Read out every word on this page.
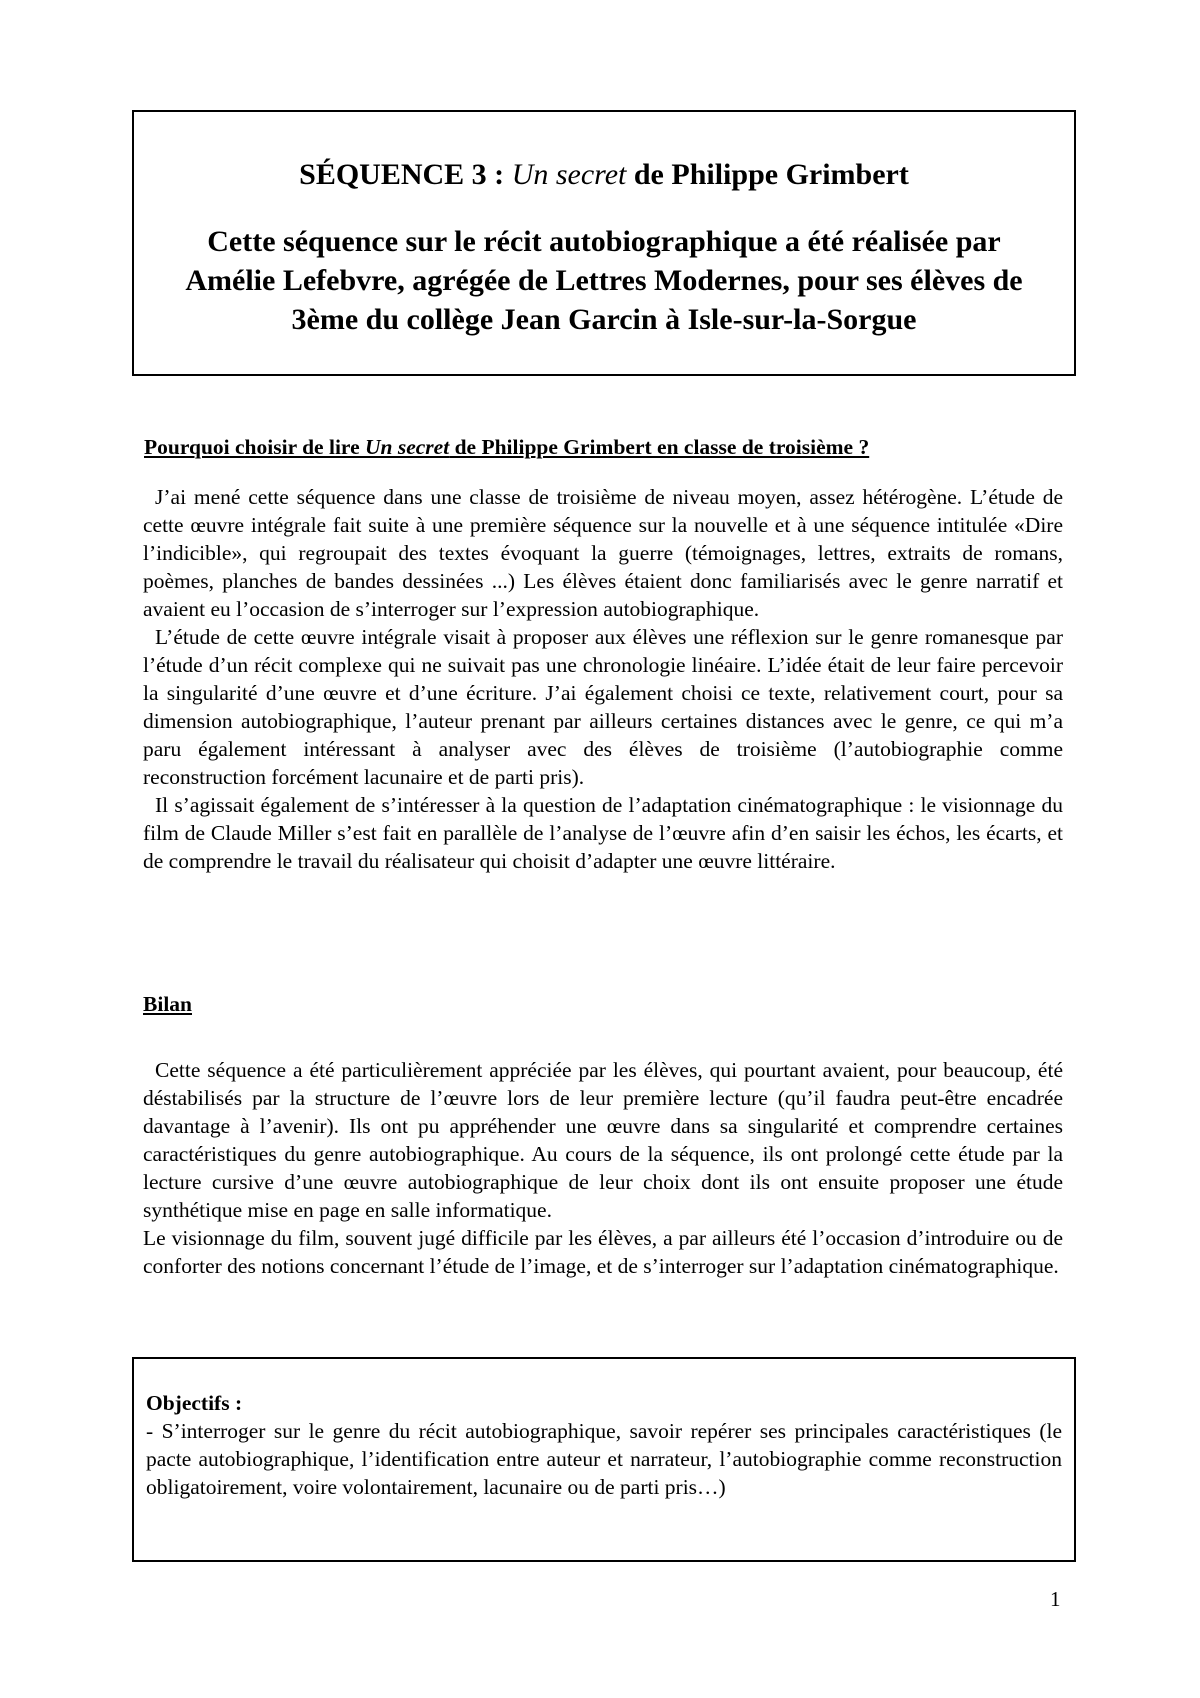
SÉQUENCE 3 : Un secret de Philippe Grimbert
Cette séquence sur le récit autobiographique a été réalisée par Amélie Lefebvre, agrégée de Lettres Modernes, pour ses élèves de 3ème du collège Jean Garcin à Isle-sur-la-Sorgue
Pourquoi choisir de lire Un secret de Philippe Grimbert en classe de troisième ?

J’ai mené cette séquence dans une classe de troisième de niveau moyen, assez hétérogène. L’étude de cette œuvre intégrale fait suite à une première séquence sur la nouvelle et à une séquence intitulée «Dire l’indicible», qui regroupait des textes évoquant la guerre (témoignages, lettres, extraits de romans, poèmes, planches de bandes dessinées ...) Les élèves étaient donc familiarisés avec le genre narratif et avaient eu l’occasion de s’interroger sur l’expression autobiographique.

L’étude de cette œuvre intégrale visait à proposer aux élèves une réflexion sur le genre romanesque par l’étude d’un récit complexe qui ne suivait pas une chronologie linéaire. L’idée était de leur faire percevoir la singularité d’une œuvre et d’une écriture. J’ai également choisi ce texte, relativement court, pour sa dimension autobiographique, l’auteur prenant par ailleurs certaines distances avec le genre, ce qui m’a paru également intéressant à analyser avec des élèves de troisième (l’autobiographie comme reconstruction forcément lacunaire et de parti pris).

Il s’agissait également de s’intéresser à la question de l’adaptation cinématographique : le visionnage du film de Claude Miller s’est fait en parallèle de l’analyse de l’œuvre afin d’en saisir les échos, les écarts, et de comprendre le travail du réalisateur qui choisit d’adapter une œuvre littéraire.

Bilan

Cette séquence a été particulièrement appréciée par les élèves, qui pourtant avaient, pour beaucoup, été déstabilisés par la structure de l’œuvre lors de leur première lecture (qu’il faudra peut-être encadrée davantage à l’avenir). Ils ont pu appréhender une œuvre dans sa singularité et comprendre certaines caractéristiques du genre autobiographique. Au cours de la séquence, ils ont prolongé cette étude par la lecture cursive d’une œuvre autobiographique de leur choix dont ils ont ensuite proposer une étude synthétique mise en page en salle informatique.

Le visionnage du film, souvent jugé difficile par les élèves, a par ailleurs été l’occasion d’introduire ou de conforter des notions concernant l’étude de l’image, et de s’interroger sur l’adaptation cinématographique.

Objectifs :

- S’interroger sur le genre du récit autobiographique, savoir repérer ses principales caractéristiques (le pacte autobiographique, l’identification entre auteur et narrateur, l’autobiographie comme reconstruction obligatoirement, voire volontairement, lacunaire ou de parti pris…)

1
